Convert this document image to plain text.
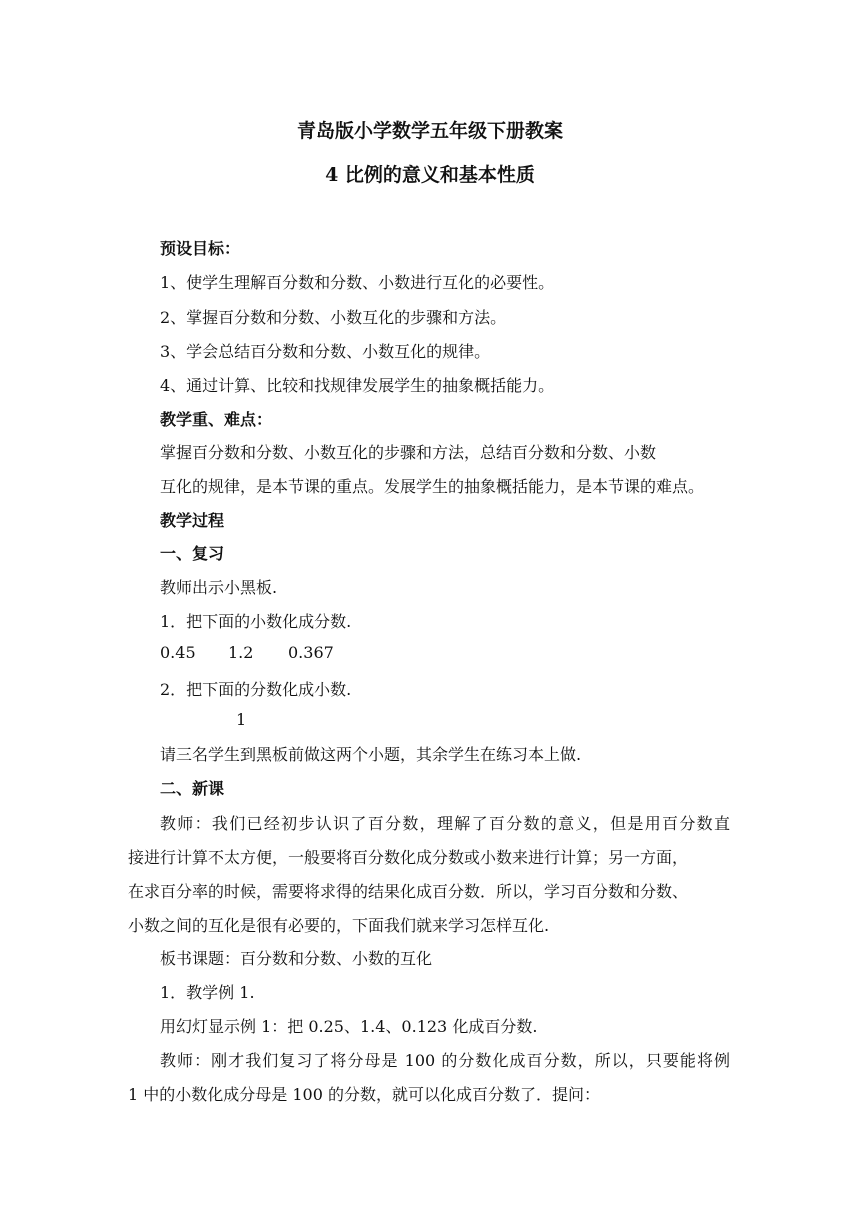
青岛版小学数学五年级下册教案
4 比例的意义和基本性质
预设目标：
1、使学生理解百分数和分数、小数进行互化的必要性。
2、掌握百分数和分数、小数互化的步骤和方法。
3、学会总结百分数和分数、小数互化的规律。
4、通过计算、比较和找规律发展学生的抽象概括能力。
教学重、难点：
掌握百分数和分数、小数互化的步骤和方法，总结百分数和分数、小数
互化的规律，是本节课的重点。发展学生的抽象概括能力，是本节课的难点。
教学过程
一、复习
教师出示小黑板.
1．把下面的小数化成分数.
0.45 1.2 0.367
2．把下面的分数化成小数.
1
请三名学生到黑板前做这两个小题，其余学生在练习本上做.
二、新课
教师：我们已经初步认识了百分数，理解了百分数的意义，但是用百分数直
接进行计算不太方便，一般要将百分数化成分数或小数来进行计算；另一方面，
在求百分率的时候，需要将求得的结果化成百分数．所以，学习百分数和分数、
小数之间的互化是很有必要的，下面我们就来学习怎样互化.
板书课题：百分数和分数、小数的互化
1．教学例 1.
用幻灯显示例 1：把 0.25、1.4、0.123 化成百分数.
教师：刚才我们复习了将分母是 100 的分数化成百分数，所以，只要能将例
1 中的小数化成分母是 100 的分数，就可以化成百分数了．提问：
